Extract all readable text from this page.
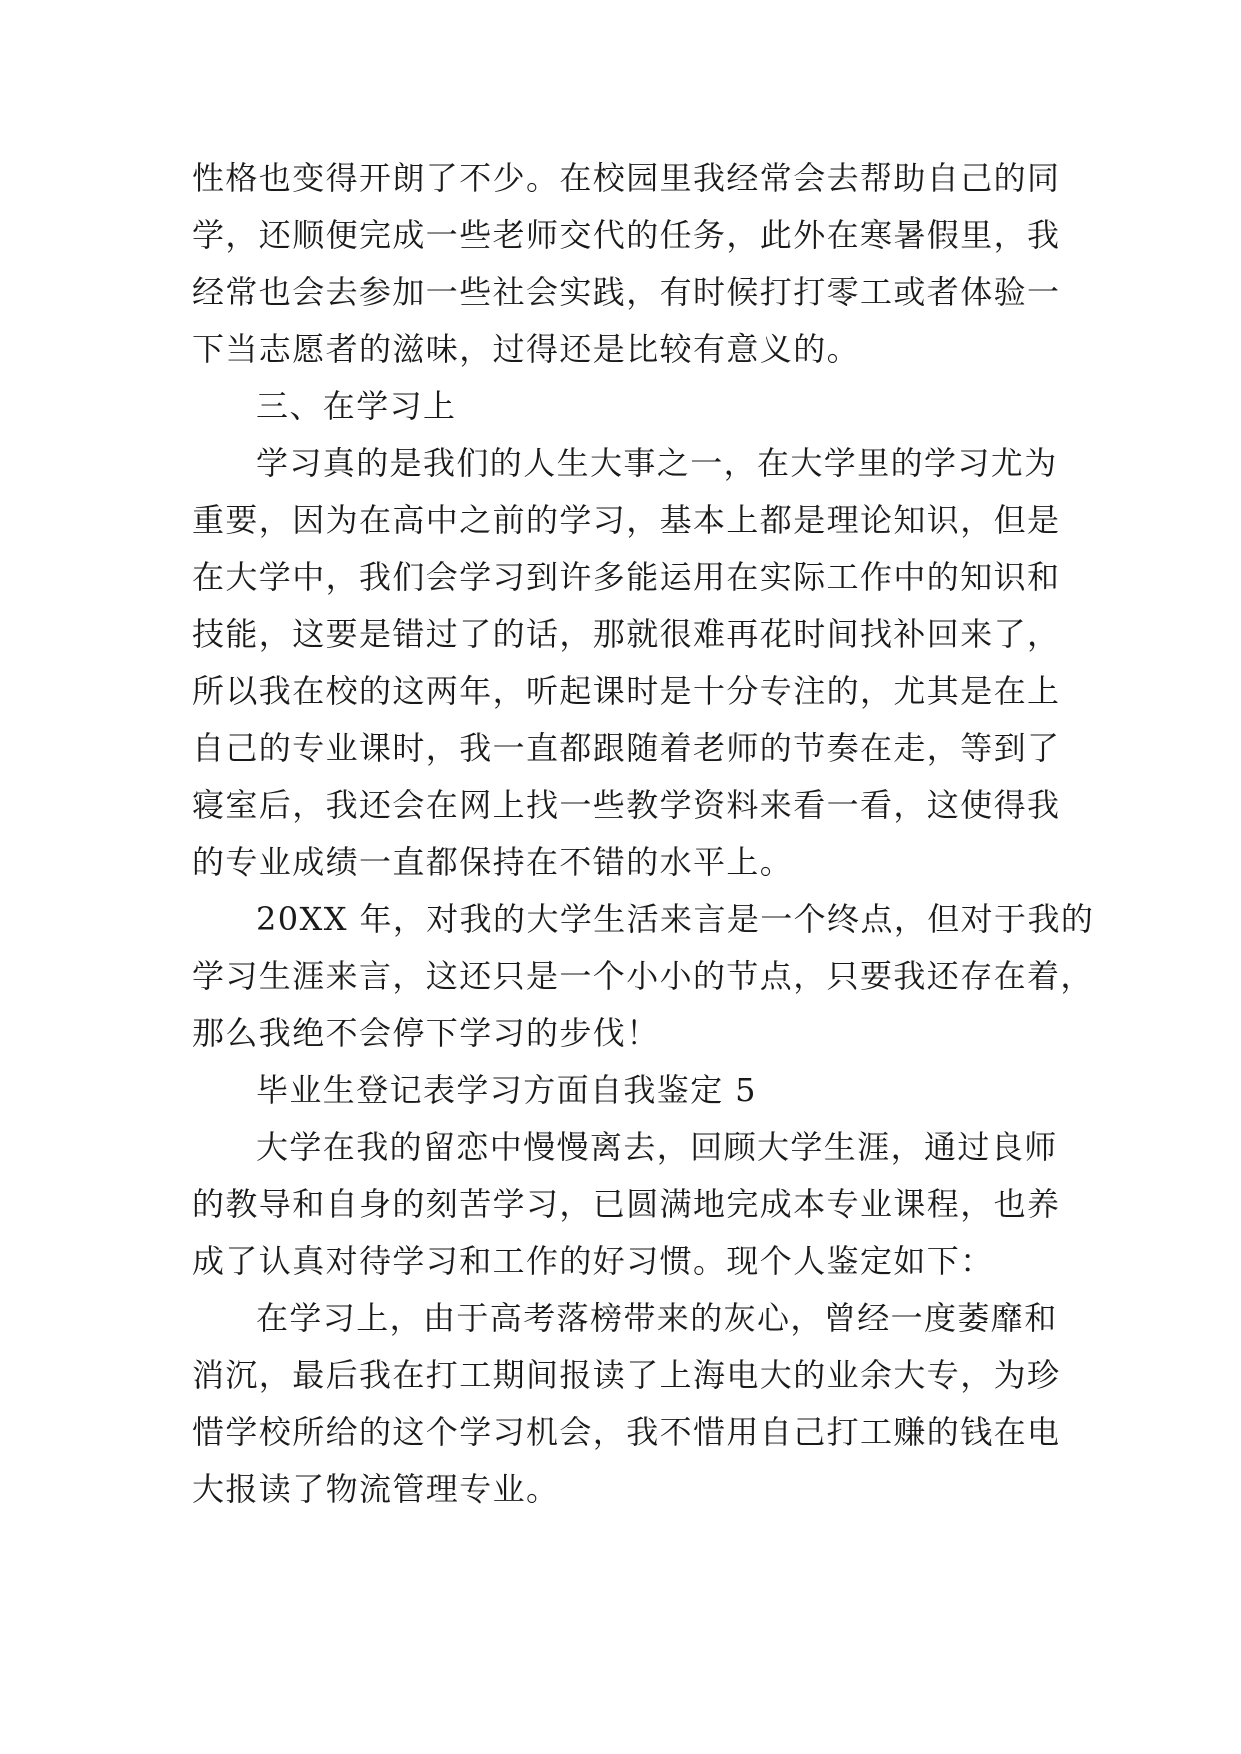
性格也变得开朗了不少。在校园里我经常会去帮助自己的同
学，还顺便完成一些老师交代的任务，此外在寒暑假里，我
经常也会去参加一些社会实践，有时候打打零工或者体验一
下当志愿者的滋味，过得还是比较有意义的。
三、在学习上
学习真的是我们的人生大事之一，在大学里的学习尤为
重要，因为在高中之前的学习，基本上都是理论知识，但是
在大学中，我们会学习到许多能运用在实际工作中的知识和
技能，这要是错过了的话，那就很难再花时间找补回来了，
所以我在校的这两年，听起课时是十分专注的，尤其是在上
自己的专业课时，我一直都跟随着老师的节奏在走，等到了
寝室后，我还会在网上找一些教学资料来看一看，这使得我
的专业成绩一直都保持在不错的水平上。
20XX 年，对我的大学生活来言是一个终点，但对于我的
学习生涯来言，这还只是一个小小的节点，只要我还存在着，
那么我绝不会停下学习的步伐！
毕业生登记表学习方面自我鉴定 5
大学在我的留恋中慢慢离去，回顾大学生涯，通过良师
的教导和自身的刻苦学习，已圆满地完成本专业课程，也养
成了认真对待学习和工作的好习惯。现个人鉴定如下：
在学习上，由于高考落榜带来的灰心，曾经一度萎靡和
消沉，最后我在打工期间报读了上海电大的业余大专，为珍
惜学校所给的这个学习机会，我不惜用自己打工赚的钱在电
大报读了物流管理专业。
